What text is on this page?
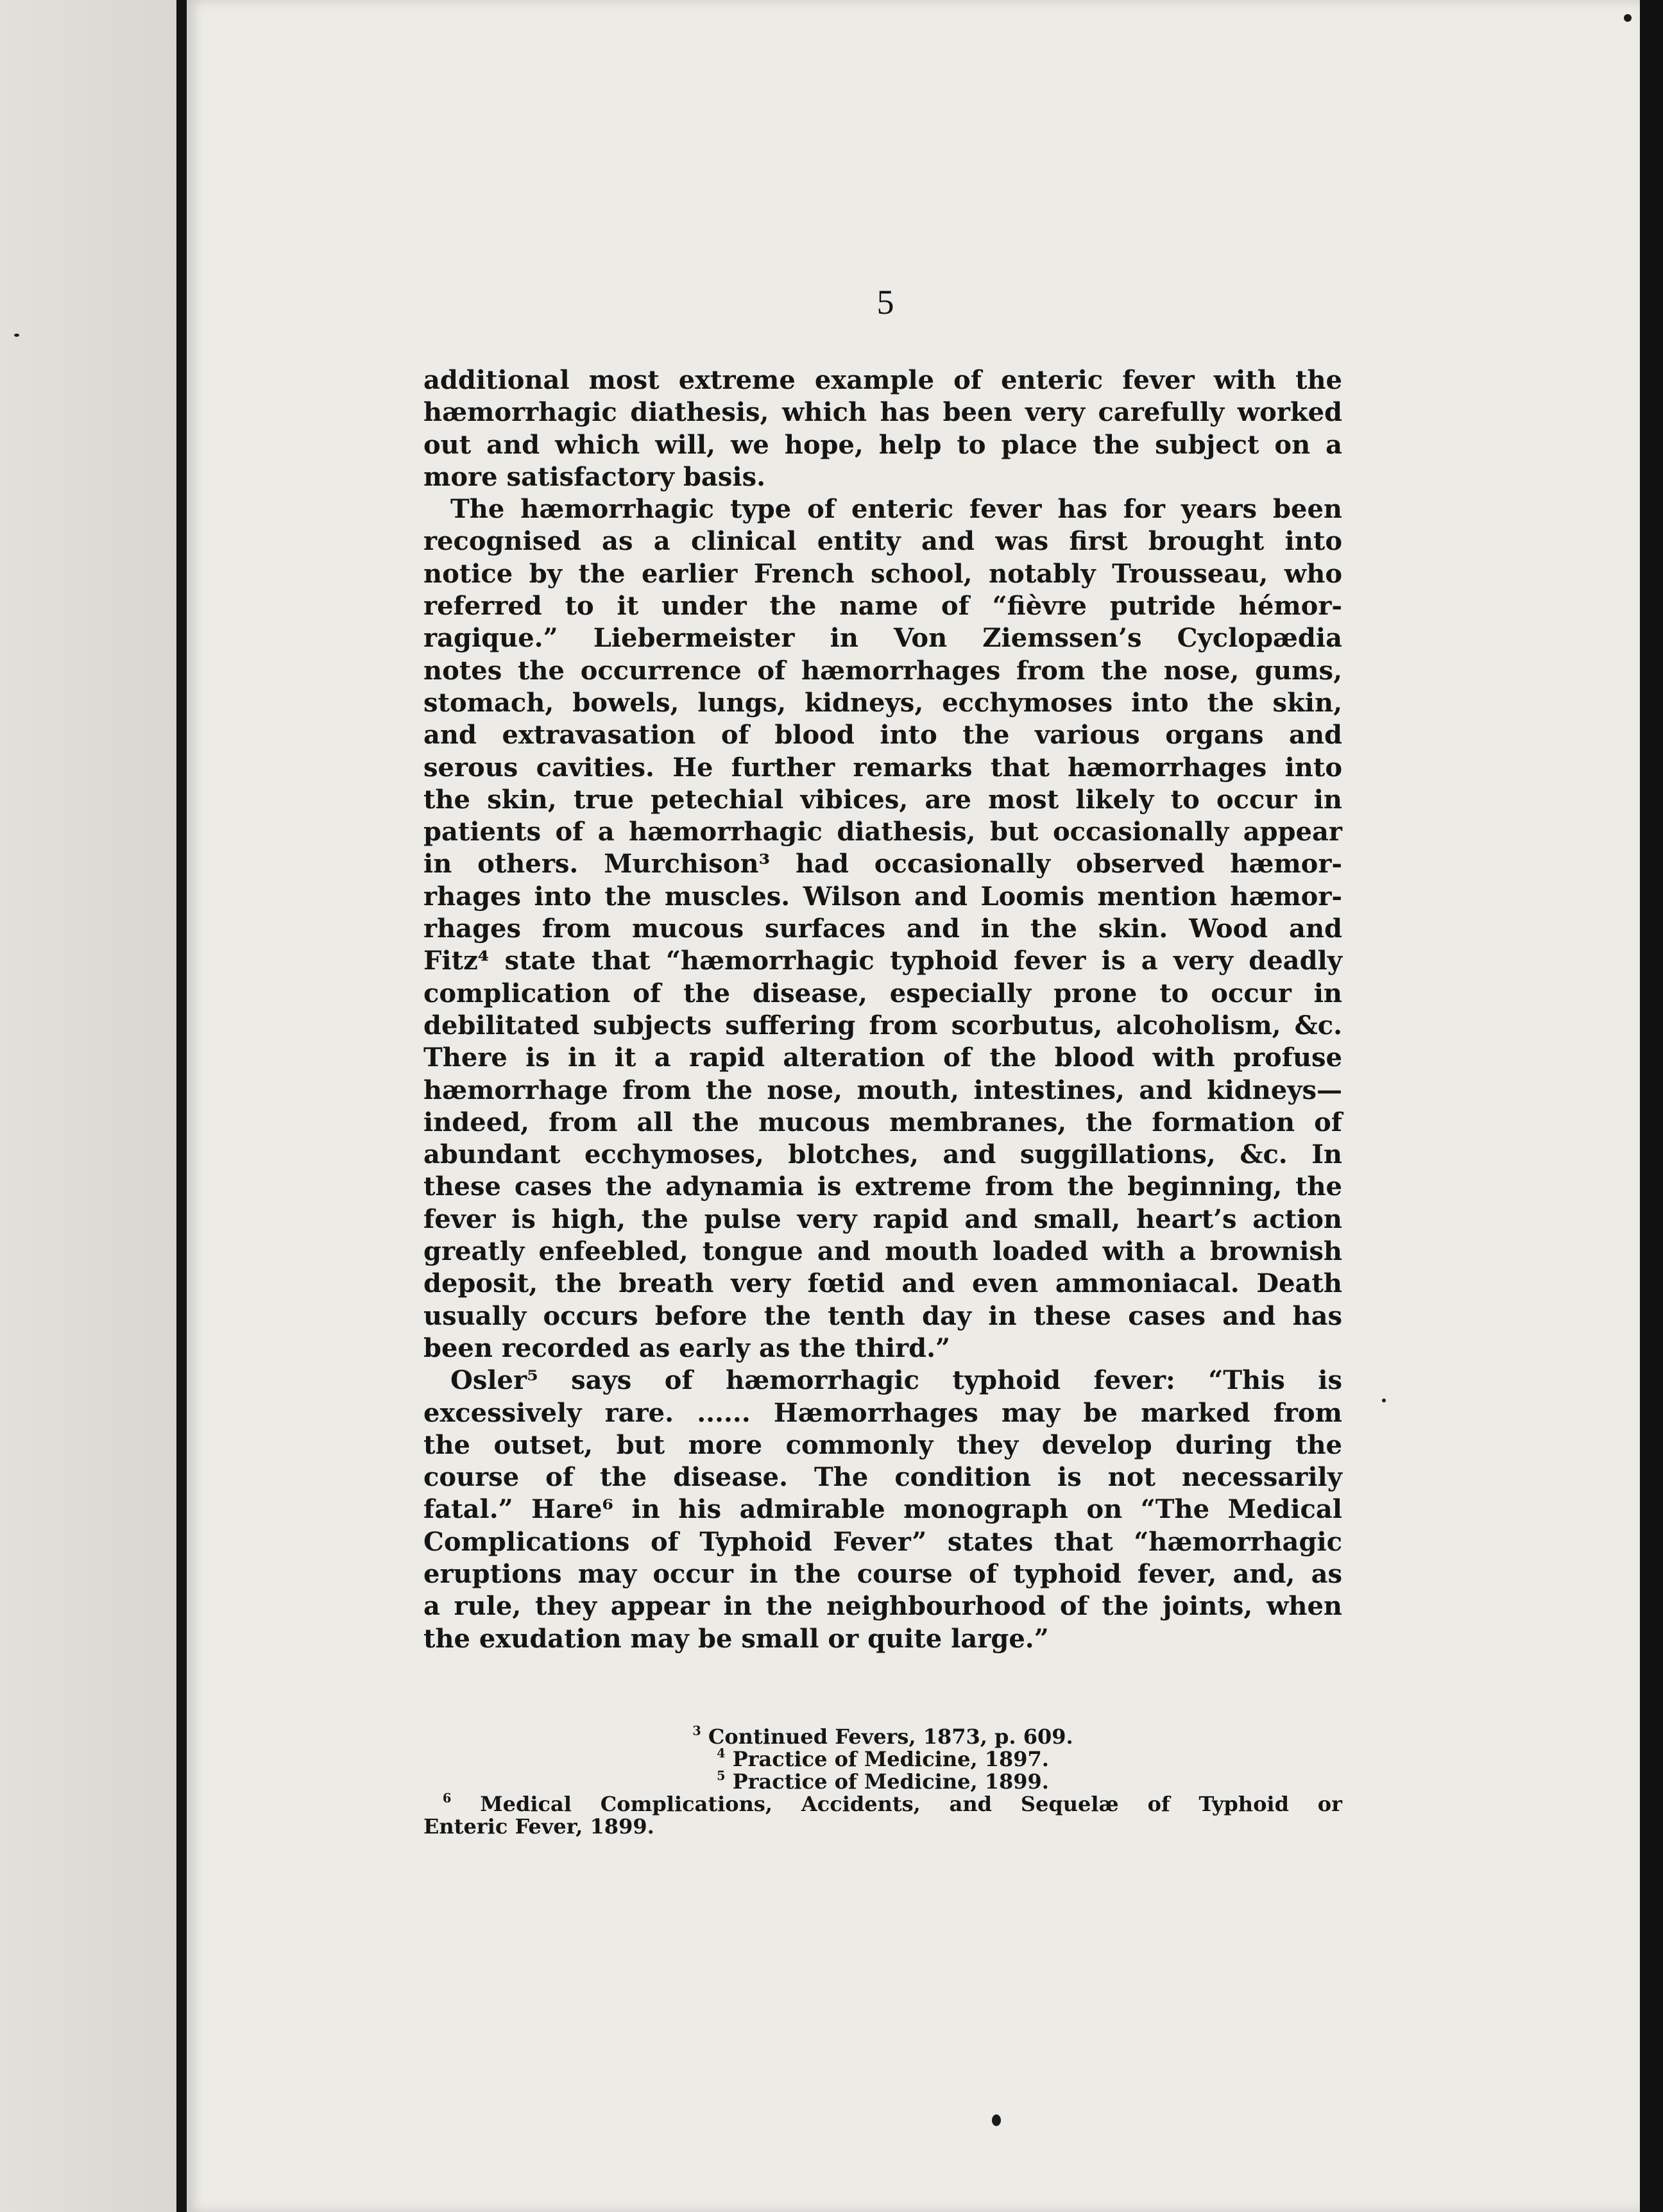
5
additional most extreme example of enteric fever with the
hæmorrhagic diathesis, which has been very carefully worked
out and which will, we hope, help to place the subject on a
more satisfactory basis.
The hæmorrhagic type of enteric fever has for years been
recognised as a clinical entity and was first brought into
notice by the earlier French school, notably Trousseau, who
referred to it under the name of “fièvre putride hémor-
ragique.” Liebermeister in Von Ziemssen’s Cyclopædia
notes the occurrence of hæmorrhages from the nose, gums,
stomach, bowels, lungs, kidneys, ecchymoses into the skin,
and extravasation of blood into the various organs and
serous cavities. He further remarks that hæmorrhages into
the skin, true petechial vibices, are most likely to occur in
patients of a hæmorrhagic diathesis, but occasionally appear
in others. Murchison³ had occasionally observed hæmor-
rhages into the muscles. Wilson and Loomis mention hæmor-
rhages from mucous surfaces and in the skin. Wood and
Fitz⁴ state that “hæmorrhagic typhoid fever is a very deadly
complication of the disease, especially prone to occur in
debilitated subjects suffering from scorbutus, alcoholism, &c.
There is in it a rapid alteration of the blood with profuse
hæmorrhage from the nose, mouth, intestines, and kidneys—
indeed, from all the mucous membranes, the formation of
abundant ecchymoses, blotches, and suggillations, &c. In
these cases the adynamia is extreme from the beginning, the
fever is high, the pulse very rapid and small, heart’s action
greatly enfeebled, tongue and mouth loaded with a brownish
deposit, the breath very fœtid and even ammoniacal. Death
usually occurs before the tenth day in these cases and has
been recorded as early as the third.”
Osler⁵ says of hæmorrhagic typhoid fever: “This is
excessively rare. ...... Hæmorrhages may be marked from
the outset, but more commonly they develop during the
course of the disease. The condition is not necessarily
fatal.” Hare⁶ in his admirable monograph on “The Medical
Complications of Typhoid Fever” states that “hæmorrhagic
eruptions may occur in the course of typhoid fever, and, as
a rule, they appear in the neighbourhood of the joints, when
the exudation may be small or quite large.”
$^3$ Continued Fevers, 1873, p. 609.
$^4$ Practice of Medicine, 1897.
$^5$ Practice of Medicine, 1899.
$^6$ Medical Complications, Accidents, and Sequelæ of Typhoid or
Enteric Fever, 1899.
